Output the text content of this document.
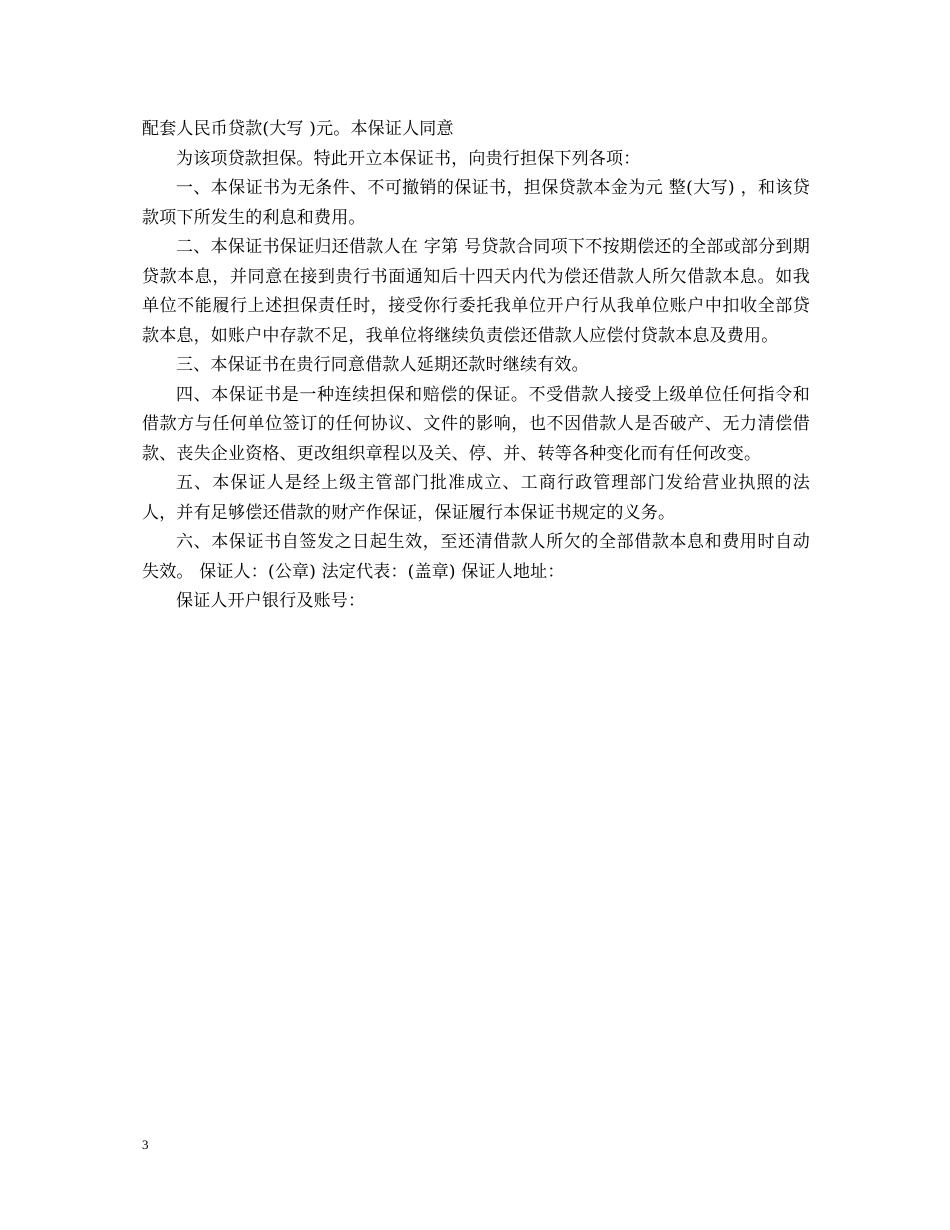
配套人民币贷款(大写 )元。本保证人同意

为该项贷款担保。特此开立本保证书，向贵行担保下列各项：

一、本保证书为无条件、不可撤销的保证书，担保贷款本金为元 整(大写) ，和该贷款项下所发生的利息和费用。

二、本保证书保证归还借款人在 字第 号贷款合同项下不按期偿还的全部或部分到期贷款本息，并同意在接到贵行书面通知后十四天内代为偿还借款人所欠借款本息。如我单位不能履行上述担保责任时，接受你行委托我单位开户行从我单位账户中扣收全部贷款本息，如账户中存款不足，我单位将继续负责偿还借款人应偿付贷款本息及费用。

三、本保证书在贵行同意借款人延期还款时继续有效。

四、本保证书是一种连续担保和赔偿的保证。不受借款人接受上级单位任何指令和借款方与任何单位签订的任何协议、文件的影响，也不因借款人是否破产、无力清偿借款、丧失企业资格、更改组织章程以及关、停、并、转等各种变化而有任何改变。

五、本保证人是经上级主管部门批准成立、工商行政管理部门发给营业执照的法人，并有足够偿还借款的财产作保证，保证履行本保证书规定的义务。

六、本保证书自签发之日起生效，至还清借款人所欠的全部借款本息和费用时自动失效。 保证人：(公章) 法定代表：(盖章) 保证人地址：

保证人开户银行及账号：

3
